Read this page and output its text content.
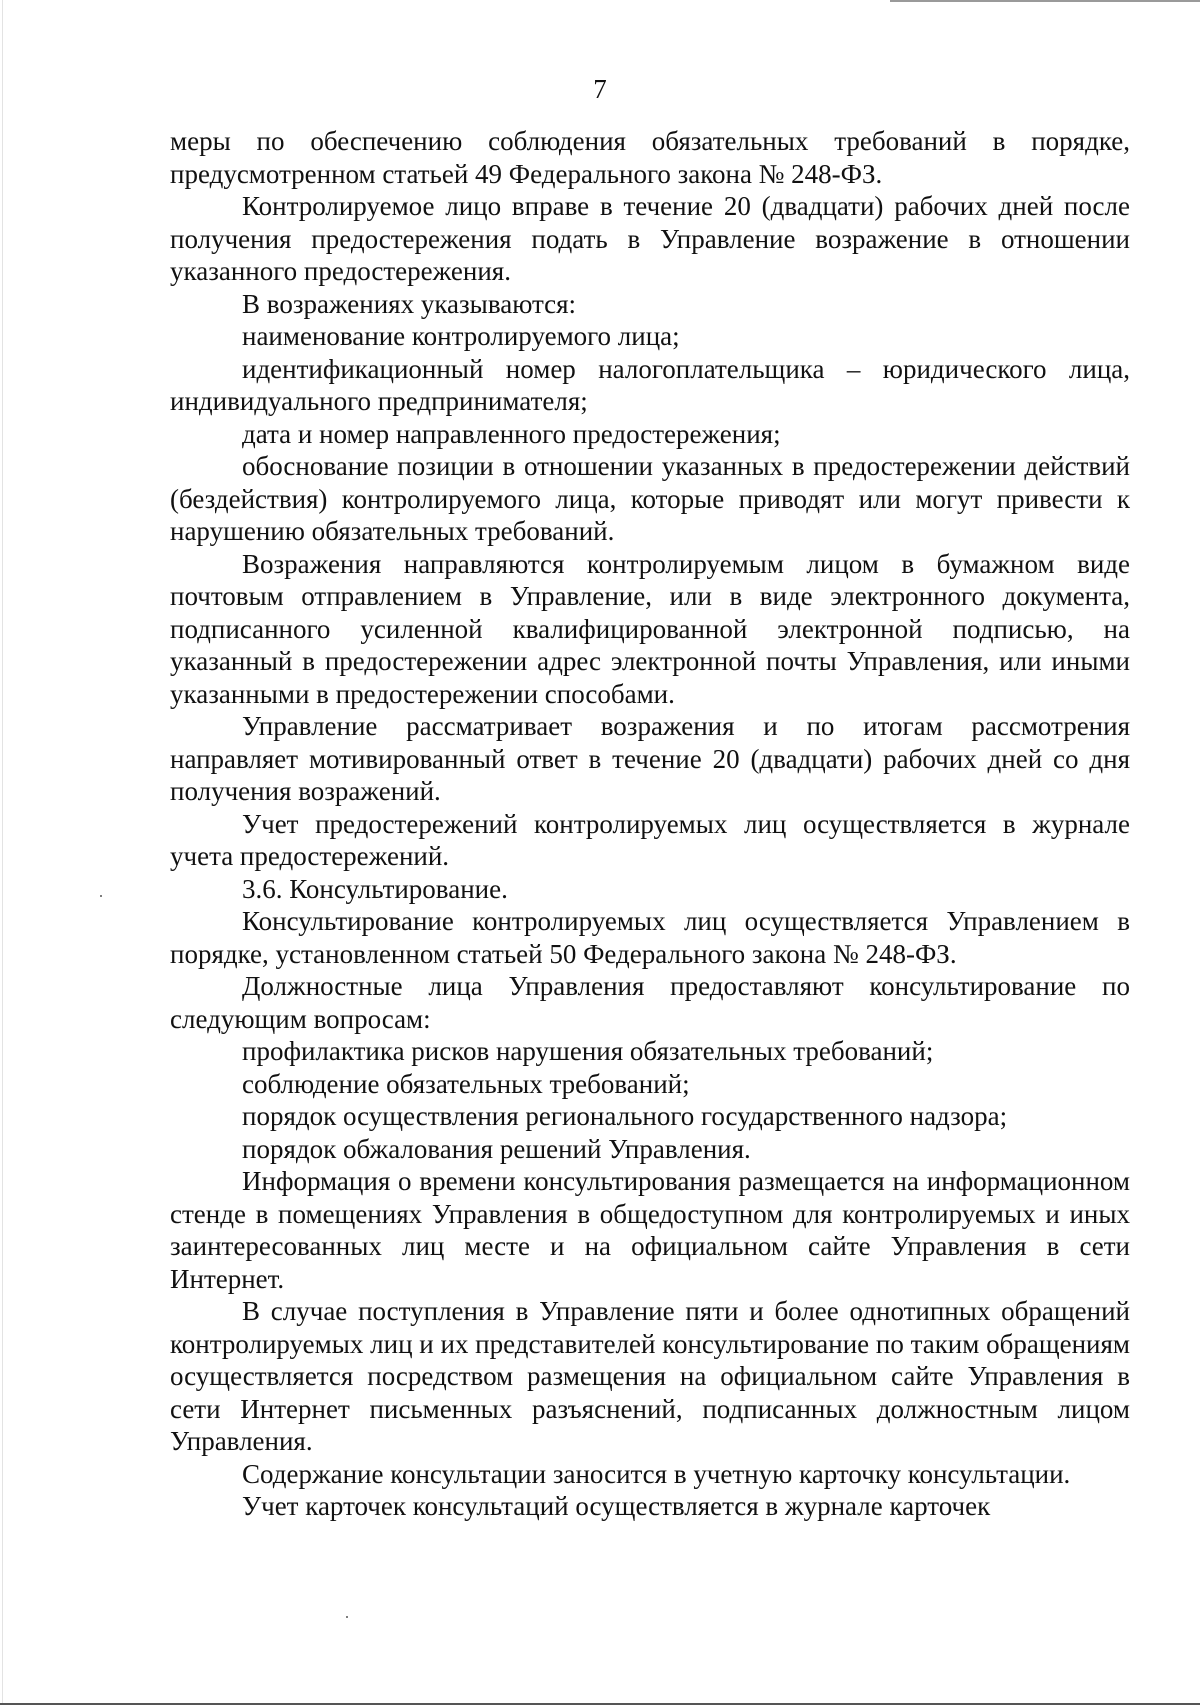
7

меры по обеспечению соблюдения обязательных требований в порядке, предусмотренном статьей 49 Федерального закона № 248-ФЗ.

Контролируемое лицо вправе в течение 20 (двадцати) рабочих дней после получения предостережения подать в Управление возражение в отношении указанного предостережения.

В возражениях указываются:

наименование контролируемого лица;

идентификационный номер налогоплательщика – юридического лица, индивидуального предпринимателя;

дата и номер направленного предостережения;

обоснование позиции в отношении указанных в предостережении действий (бездействия) контролируемого лица, которые приводят или могут привести к нарушению обязательных требований.

Возражения направляются контролируемым лицом в бумажном виде почтовым отправлением в Управление, или в виде электронного документа, подписанного усиленной квалифицированной электронной подписью, на указанный в предостережении адрес электронной почты Управления, или иными указанными в предостережении способами.

Управление рассматривает возражения и по итогам рассмотрения направляет мотивированный ответ в течение 20 (двадцати) рабочих дней со дня получения возражений.

Учет предостережений контролируемых лиц осуществляется в журнале учета предостережений.

3.6. Консультирование.

Консультирование контролируемых лиц осуществляется Управлением в порядке, установленном статьей 50 Федерального закона № 248-ФЗ.

Должностные лица Управления предоставляют консультирование по следующим вопросам:

профилактика рисков нарушения обязательных требований;

соблюдение обязательных требований;

порядок осуществления регионального государственного надзора;

порядок обжалования решений Управления.

Информация о времени консультирования размещается на информационном стенде в помещениях Управления в общедоступном для контролируемых и иных заинтересованных лиц месте и на официальном сайте Управления в сети Интернет.

В случае поступления в Управление пяти и более однотипных обращений контролируемых лиц и их представителей консультирование по таким обращениям осуществляется посредством размещения на официальном сайте Управления в сети Интернет письменных разъяснений, подписанных должностным лицом Управления.

Содержание консультации заносится в учетную карточку консультации.

Учет карточек консультаций осуществляется в журнале карточек
